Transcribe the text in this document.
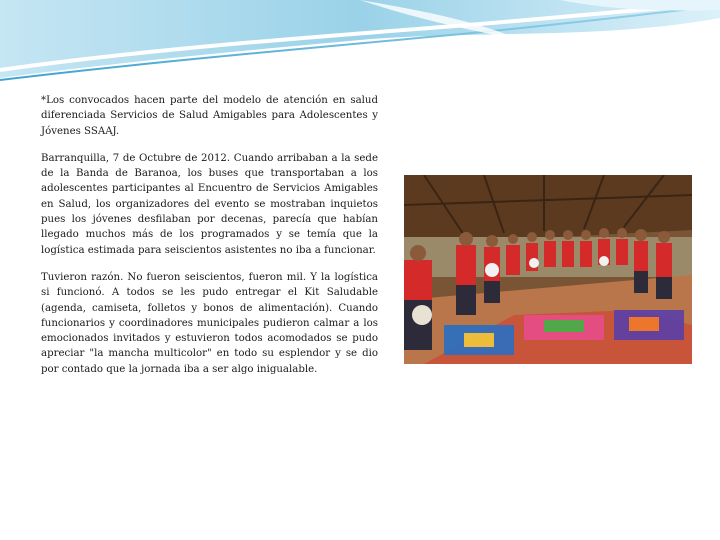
*Los convocados hacen parte del modelo de atención en salud diferenciada Servicios de Salud Amigables para Adolescentes y Jóvenes SSAAJ.

Barranquilla, 7 de Octubre de 2012. Cuando arribaban a la sede de la Banda de Baranoa, los buses que transportaban a los adolescentes participantes al Encuentro de Servicios Amigables en Salud, los organizadores del evento se mostraban inquietos pues los jóvenes desfilaban por decenas, parecía que habían llegado muchos más de los programados y se temía que la logística estimada para seiscientos asistentes no iba a funcionar.

Tuvieron razón. No fueron seiscientos, fueron mil. Y la logística si funcionó. A todos se les pudo entregar el Kit Saludable (agenda, camiseta, folletos y bonos de alimentación). Cuando funcionarios y coordinadores municipales pudieron calmar a los emocionados invitados y estuvieron todos acomodados se pudo apreciar "la mancha multicolor" en todo su esplendor y se dio por contado que la jornada iba a ser algo inigualable.
